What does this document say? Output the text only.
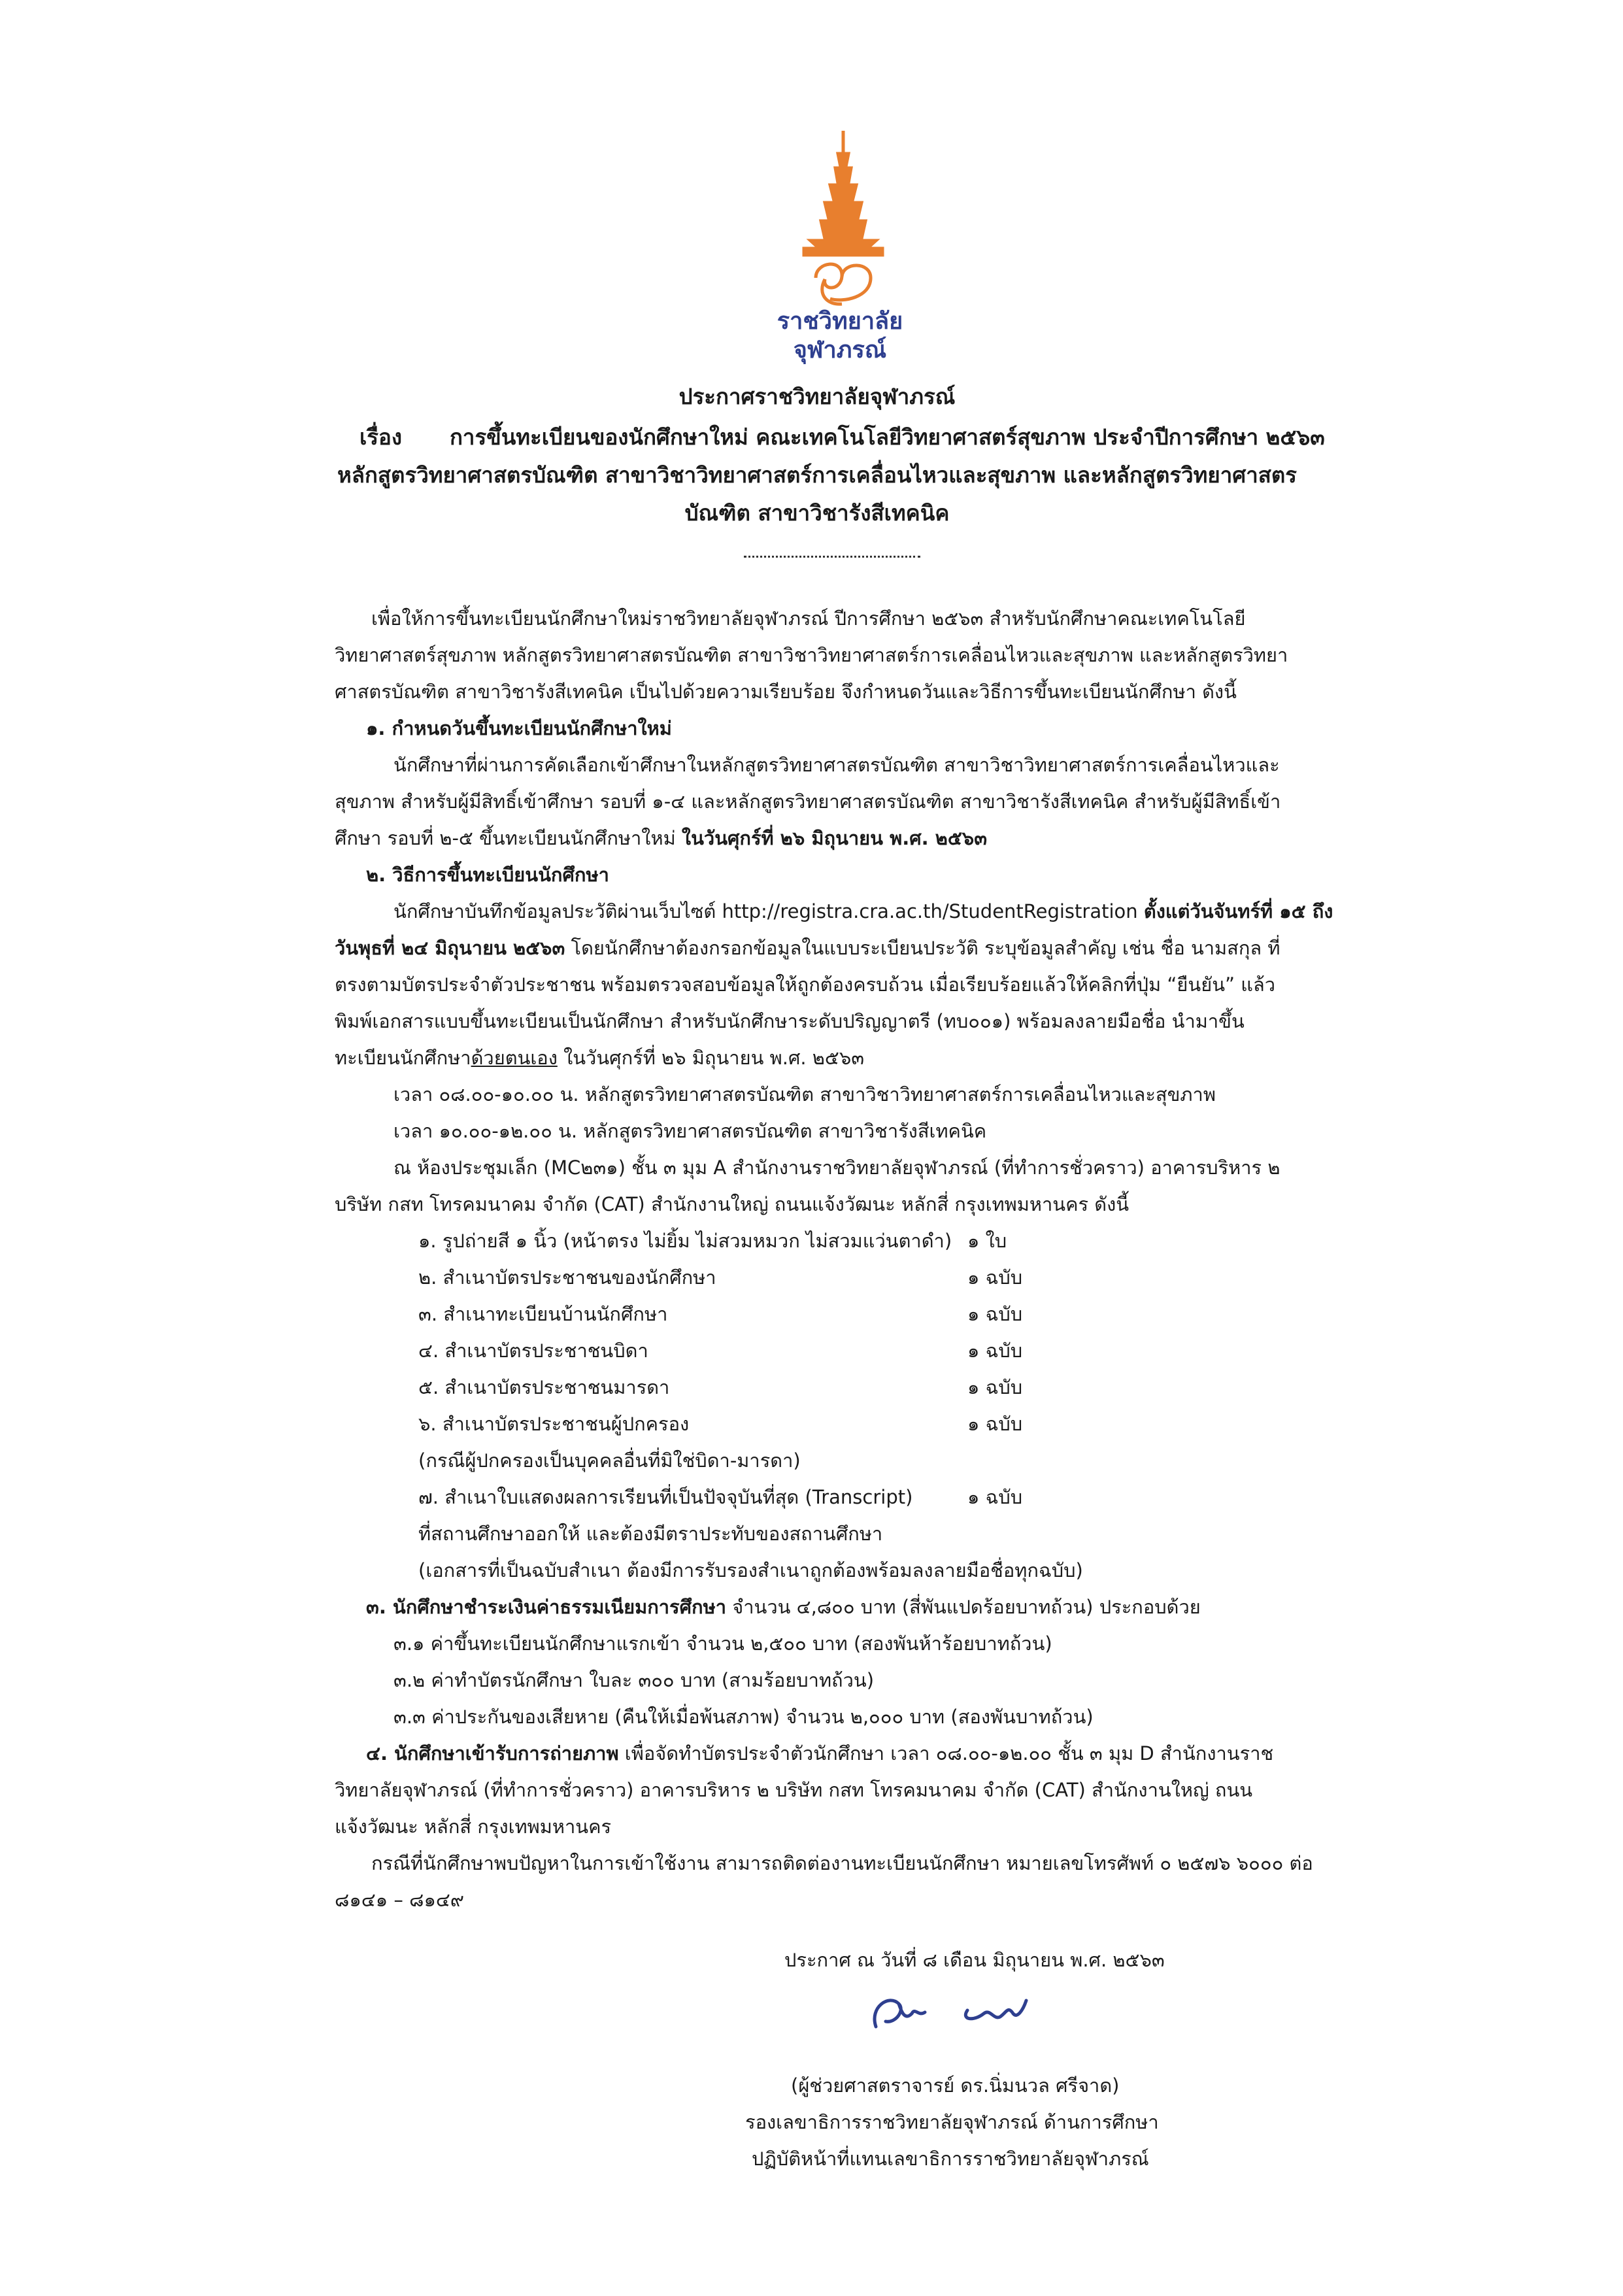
ราชวิทยาลัย
จุฬาภรณ์
ประกาศราชวิทยาลัยจุฬาภรณ์
เรื่อง การขึ้นทะเบียนของนักศึกษาใหม่ คณะเทคโนโลยีวิทยาศาสตร์สุขภาพ ประจำปีการศึกษา ๒๕๖๓
หลักสูตรวิทยาศาสตรบัณฑิต สาขาวิชาวิทยาศาสตร์การเคลื่อนไหวและสุขภาพ และหลักสูตรวิทยาศาสตร
บัณฑิต สาขาวิชารังสีเทคนิค
เพื่อให้การขึ้นทะเบียนนักศึกษาใหม่ราชวิทยาลัยจุฬาภรณ์ ปีการศึกษา ๒๕๖๓ สำหรับนักศึกษาคณะเทคโนโลยี
วิทยาศาสตร์สุขภาพ หลักสูตรวิทยาศาสตรบัณฑิต สาขาวิชาวิทยาศาสตร์การเคลื่อนไหวและสุขภาพ และหลักสูตรวิทยา
ศาสตรบัณฑิต สาขาวิชารังสีเทคนิค เป็นไปด้วยความเรียบร้อย จึงกำหนดวันและวิธีการขึ้นทะเบียนนักศึกษา ดังนี้
๑. กำหนดวันขึ้นทะเบียนนักศึกษาใหม่
นักศึกษาที่ผ่านการคัดเลือกเข้าศึกษาในหลักสูตรวิทยาศาสตรบัณฑิต สาขาวิชาวิทยาศาสตร์การเคลื่อนไหวและ
สุขภาพ สำหรับผู้มีสิทธิ์เข้าศึกษา รอบที่ ๑-๔ และหลักสูตรวิทยาศาสตรบัณฑิต สาขาวิชารังสีเทคนิค สำหรับผู้มีสิทธิ์เข้า
ศึกษา รอบที่ ๒-๕ ขึ้นทะเบียนนักศึกษาใหม่ ในวันศุกร์ที่ ๒๖ มิถุนายน พ.ศ. ๒๕๖๓
๒. วิธีการขึ้นทะเบียนนักศึกษา
นักศึกษาบันทึกข้อมูลประวัติผ่านเว็บไซต์ http://registra.cra.ac.th/StudentRegistration ตั้งแต่วันจันทร์ที่ ๑๕ ถึง
วันพุธที่ ๒๔ มิถุนายน ๒๕๖๓ โดยนักศึกษาต้องกรอกข้อมูลในแบบระเบียนประวัติ ระบุข้อมูลสำคัญ เช่น ชื่อ นามสกุล ที่
ตรงตามบัตรประจำตัวประชาชน พร้อมตรวจสอบข้อมูลให้ถูกต้องครบถ้วน เมื่อเรียบร้อยแล้วให้คลิกที่ปุ่ม “ยืนยัน” แล้ว
พิมพ์เอกสารแบบขึ้นทะเบียนเป็นนักศึกษา สำหรับนักศึกษาระดับปริญญาตรี (ทบ๐๐๑) พร้อมลงลายมือชื่อ นำมาขึ้น
ทะเบียนนักศึกษาด้วยตนเอง ในวันศุกร์ที่ ๒๖ มิถุนายน พ.ศ. ๒๕๖๓
เวลา ๐๘.๐๐-๑๐.๐๐ น. หลักสูตรวิทยาศาสตรบัณฑิต สาขาวิชาวิทยาศาสตร์การเคลื่อนไหวและสุขภาพ
เวลา ๑๐.๐๐-๑๒.๐๐ น. หลักสูตรวิทยาศาสตรบัณฑิต สาขาวิชารังสีเทคนิค
ณ ห้องประชุมเล็ก (MC๒๓๑) ชั้น ๓ มุม A สำนักงานราชวิทยาลัยจุฬาภรณ์ (ที่ทำการชั่วคราว) อาคารบริหาร ๒
บริษัท กสท โทรคมนาคม จำกัด (CAT) สำนักงานใหญ่ ถนนแจ้งวัฒนะ หลักสี่ กรุงเทพมหานคร ดังนี้
๑. รูปถ่ายสี ๑ นิ้ว (หน้าตรง ไม่ยิ้ม ไม่สวมหมวก ไม่สวมแว่นตาดำ) ๑ ใบ
๒. สำเนาบัตรประชาชนของนักศึกษา	๑ ฉบับ
๓. สำเนาทะเบียนบ้านนักศึกษา	๑ ฉบับ
๔. สำเนาบัตรประชาชนบิดา	๑ ฉบับ
๕. สำเนาบัตรประชาชนมารดา	๑ ฉบับ
๖. สำเนาบัตรประชาชนผู้ปกครอง	๑ ฉบับ
(กรณีผู้ปกครองเป็นบุคคลอื่นที่มิใช่บิดา-มารดา)
๗. สำเนาใบแสดงผลการเรียนที่เป็นปัจจุบันที่สุด (Transcript)	๑ ฉบับ
ที่สถานศึกษาออกให้ และต้องมีตราประทับของสถานศึกษา
(เอกสารที่เป็นฉบับสำเนา ต้องมีการรับรองสำเนาถูกต้องพร้อมลงลายมือชื่อทุกฉบับ)
๓. นักศึกษาชำระเงินค่าธรรมเนียมการศึกษา จำนวน ๔,๘๐๐ บาท (สี่พันแปดร้อยบาทถ้วน) ประกอบด้วย
๓.๑ ค่าขึ้นทะเบียนนักศึกษาแรกเข้า จำนวน ๒,๕๐๐ บาท (สองพันห้าร้อยบาทถ้วน)
๓.๒ ค่าทำบัตรนักศึกษา ใบละ ๓๐๐ บาท (สามร้อยบาทถ้วน)
๓.๓ ค่าประกันของเสียหาย (คืนให้เมื่อพ้นสภาพ) จำนวน ๒,๐๐๐ บาท (สองพันบาทถ้วน)
๔. นักศึกษาเข้ารับการถ่ายภาพ เพื่อจัดทำบัตรประจำตัวนักศึกษา เวลา ๐๘.๐๐-๑๒.๐๐ ชั้น ๓ มุม D สำนักงานราช
วิทยาลัยจุฬาภรณ์ (ที่ทำการชั่วคราว) อาคารบริหาร ๒ บริษัท กสท โทรคมนาคม จำกัด (CAT) สำนักงานใหญ่ ถนน
แจ้งวัฒนะ หลักสี่ กรุงเทพมหานคร
กรณีที่นักศึกษาพบปัญหาในการเข้าใช้งาน สามารถติดต่องานทะเบียนนักศึกษา หมายเลขโทรศัพท์ ๐ ๒๕๗๖ ๖๐๐๐ ต่อ
๘๑๔๑ – ๘๑๔๙
ประกาศ ณ วันที่ ๘ เดือน มิถุนายน พ.ศ. ๒๕๖๓
(ผู้ช่วยศาสตราจารย์ ดร.นิ่มนวล ศรีจาด)
รองเลขาธิการราชวิทยาลัยจุฬาภรณ์ ด้านการศึกษา
ปฏิบัติหน้าที่แทนเลขาธิการราชวิทยาลัยจุฬาภรณ์
